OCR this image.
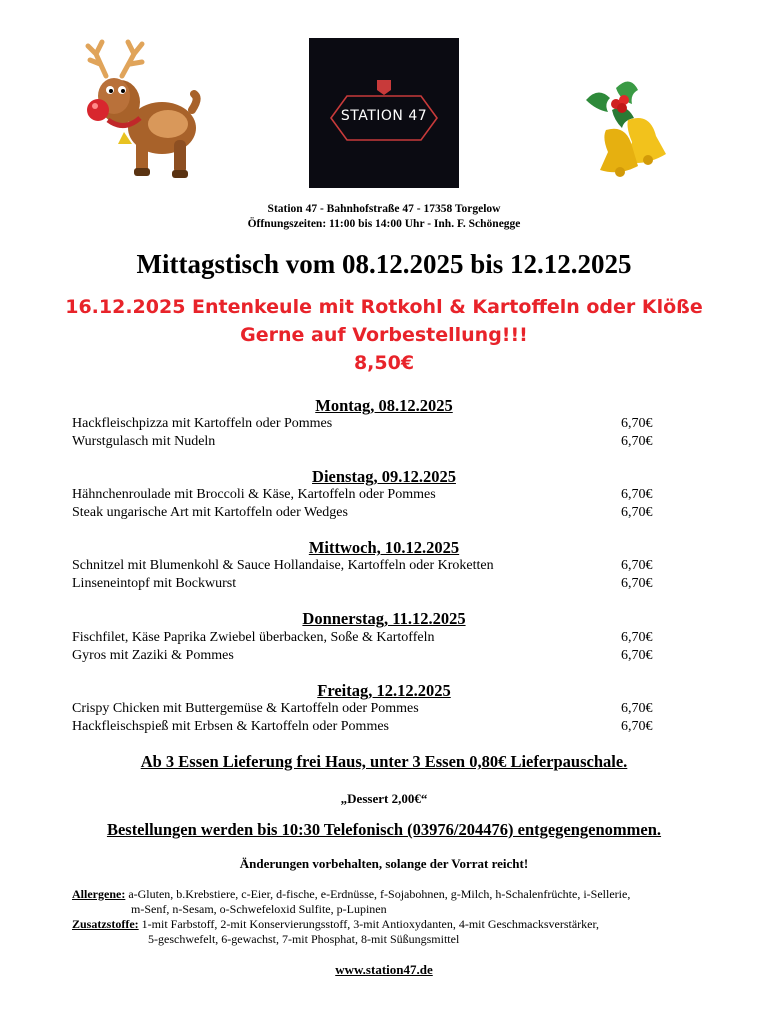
STATION 47
Station 47 - Bahnhofstraße 47 - 17358 Torgelow
Öffnungszeiten: 11:00 bis 14:00 Uhr - Inh. F. Schönegge
Mittagstisch vom 08.12.2025 bis 12.12.2025
16.12.2025 Entenkeule mit Rotkohl & Kartoffeln oder Klöße
Gerne auf Vorbestellung!!!
8,50€
Montag, 08.12.2025
Hackfleischpizza mit Kartoffeln oder Pommes	6,70€
Wurstgulasch mit Nudeln	6,70€
Dienstag, 09.12.2025
Hähnchenroulade mit Broccoli & Käse, Kartoffeln oder Pommes	6,70€
Steak ungarische Art mit Kartoffeln oder Wedges	6,70€
Mittwoch, 10.12.2025
Schnitzel mit Blumenkohl & Sauce Hollandaise, Kartoffeln oder Kroketten	6,70€
Linseneintopf mit Bockwurst	6,70€
Donnerstag, 11.12.2025
Fischfilet, Käse Paprika Zwiebel überbacken, Soße & Kartoffeln	6,70€
Gyros mit Zaziki & Pommes	6,70€
Freitag, 12.12.2025
Crispy Chicken mit Buttergemüse & Kartoffeln oder Pommes	6,70€
Hackfleischspieß mit Erbsen & Kartoffeln oder Pommes	6,70€
Ab 3 Essen Lieferung frei Haus, unter 3 Essen 0,80€ Lieferpauschale.
„Dessert 2,00€“
Bestellungen werden bis 10:30 Telefonisch (03976/204476) entgegengenommen.
Änderungen vorbehalten, solange der Vorrat reicht!
Allergene: a-Gluten, b.Krebstiere, c-Eier, d-fische, e-Erdnüsse, f-Sojabohnen, g-Milch, h-Schalenfrüchte, i-Sellerie,
m-Senf, n-Sesam, o-Schwefeloxid Sulfite, p-Lupinen
Zusatzstoffe: 1-mit Farbstoff, 2-mit Konservierungsstoff, 3-mit Antioxydanten, 4-mit Geschmacksverstärker,
5-geschwefelt, 6-gewachst, 7-mit Phosphat, 8-mit Süßungsmittel
www.station47.de
